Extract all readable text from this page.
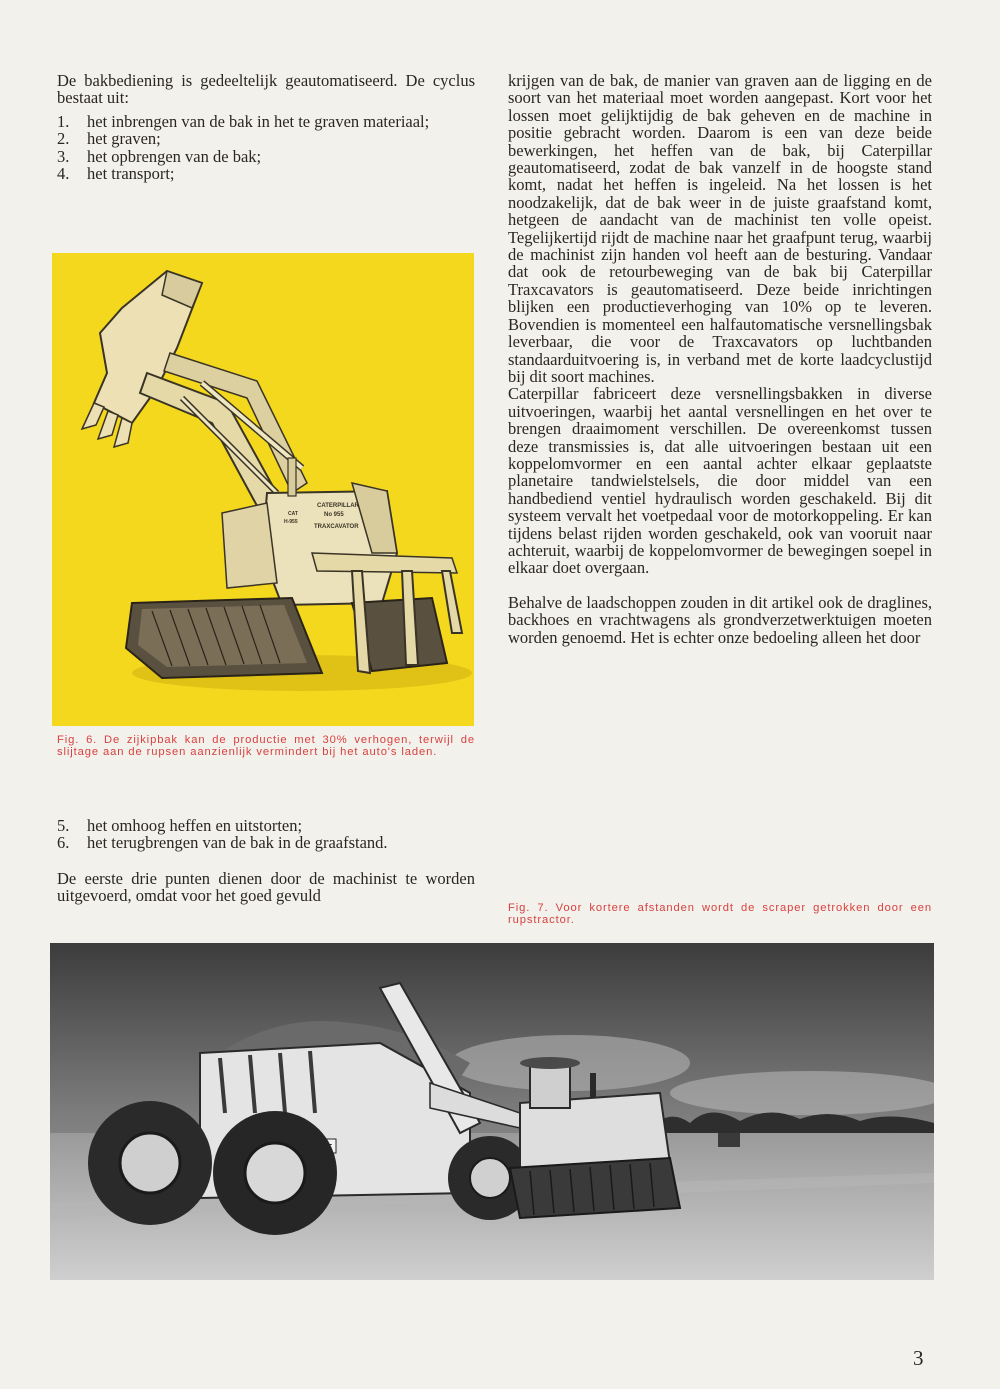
De bakbediening is gedeeltelijk geautomatiseerd. De cyclus bestaat uit:

1. het inbrengen van de bak in het te graven materiaal;
2. het graven;
3. het opbrengen van de bak;
4. het transport;
CATERPILLAR
No 955
TRAXCAVATOR
CAT
H-955
Fig. 6. De zijkipbak kan de productie met 30% verhogen, terwijl de slijtage aan de rupsen aanzienlijk vermindert bij het auto's laden.
5. het omhoog heffen en uitstorten;
6. het terugbrengen van de bak in de graafstand.

De eerste drie punten dienen door de machinist te worden uitgevoerd, omdat voor het goed gevuld

krijgen van de bak, de manier van graven aan de ligging en de soort van het materiaal moet worden aangepast. Kort voor het lossen moet gelijktijdig de bak geheven en de machine in positie gebracht worden. Daarom is een van deze beide bewerkingen, het heffen van de bak, bij Caterpillar geautomatiseerd, zodat de bak vanzelf in de hoogste stand komt, nadat het heffen is ingeleid. Na het lossen is het noodzakelijk, dat de bak weer in de juiste graafstand komt, hetgeen de aandacht van de machinist ten volle opeist. Tegelijkertijd rijdt de machine naar het graafpunt terug, waarbij de machinist zijn handen vol heeft aan de besturing. Vandaar dat ook de retourbeweging van de bak bij Caterpillar Traxcavators is geautomatiseerd. Deze beide inrichtingen blijken een productieverhoging van 10% op te leveren. Bovendien is momenteel een halfautomatische versnellingsbak leverbaar, die voor de Traxcavators op luchtbanden standaarduitvoering is, in verband met de korte laadcyclustijd bij dit soort machines.

Caterpillar fabriceert deze versnellingsbakken in diverse uitvoeringen, waarbij het aantal versnellingen en het over te brengen draaimoment verschillen. De overeenkomst tussen deze transmissies is, dat alle uitvoeringen bestaan uit een koppelomvormer en een aantal achter elkaar geplaatste planetaire tandwielstelsels, die door middel van een handbediend ventiel hydraulisch worden geschakeld. Bij dit systeem vervalt het voetpedaal voor de motorkoppeling. Er kan tijdens belast rijden worden geschakeld, ook van vooruit naar achteruit, waarbij de koppelomvormer de bewegingen soepel in elkaar doet overgaan.

Behalve de laadschoppen zouden in dit artikel ook de draglines, backhoes en vrachtwagens als grondverzetwerktuigen moeten worden genoemd. Het is echter onze bedoeling alleen het door

Fig. 7. Voor kortere afstanden wordt de scraper getrokken door een rupstractor.
3
